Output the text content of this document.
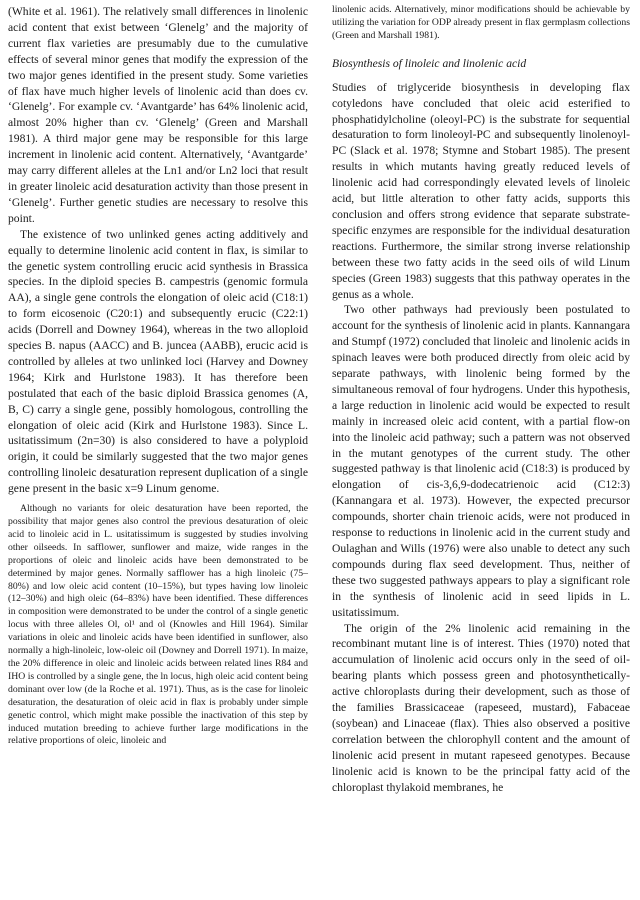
(White et al. 1961). The relatively small differences in linolenic acid content that exist between ‘Glenelg’ and the majority of current flax varieties are presumably due to the cumulative effects of several minor genes that modify the expression of the two major genes identified in the present study. Some varieties of flax have much higher levels of linolenic acid than does cv. ‘Glenelg’. For example cv. ‘Avantgarde’ has 64% linolenic acid, almost 20% higher than cv. ‘Glenelg’ (Green and Marshall 1981). A third major gene may be responsible for this large increment in linolenic acid content. Alternatively, ‘Avantgarde’ may carry different alleles at the Ln1 and/or Ln2 loci that result in greater linoleic acid desaturation activity than those present in ‘Glenelg’. Further genetic studies are necessary to resolve this point.

The existence of two unlinked genes acting additively and equally to determine linolenic acid content in flax, is similar to the genetic system controlling erucic acid synthesis in Brassica species. In the diploid species B. campestris (genomic formula AA), a single gene controls the elongation of oleic acid (C18:1) to form eicosenoic (C20:1) and subsequently erucic (C22:1) acids (Dorrell and Downey 1964), whereas in the two alloploid species B. napus (AACC) and B. juncea (AABB), erucic acid is controlled by alleles at two unlinked loci (Harvey and Downey 1964; Kirk and Hurlstone 1983). It has therefore been postulated that each of the basic diploid Brassica genomes (A, B, C) carry a single gene, possibly homologous, controlling the elongation of oleic acid (Kirk and Hurlstone 1983). Since L. usitatissimum (2n=30) is also considered to have a polyploid origin, it could be similarly suggested that the two major genes controlling linoleic desaturation represent duplication of a single gene present in the basic x=9 Linum genome.

Although no variants for oleic desaturation have been reported, the possibility that major genes also control the previous desaturation of oleic acid to linoleic acid in L. usitatissimum is suggested by studies involving other oilseeds. In safflower, sunflower and maize, wide ranges in the proportions of oleic and linoleic acids have been demonstrated to be determined by major genes. Normally safflower has a high linoleic (75–80%) and low oleic acid content (10–15%), but types having low linoleic (12–30%) and high oleic (64–83%) have been identified. These differences in composition were demonstrated to be under the control of a single genetic locus with three alleles Ol, ol¹ and ol (Knowles and Hill 1964). Similar variations in oleic and linoleic acids have been identified in sunflower, also normally a high-linoleic, low-oleic oil (Downey and Dorrell 1971). In maize, the 20% difference in oleic and linoleic acids between related lines R84 and IHO is controlled by a single gene, the ln locus, high oleic acid content being dominant over low (de la Roche et al. 1971). Thus, as is the case for linoleic desaturation, the desaturation of oleic acid in flax is probably under simple genetic control, which might make possible the inactivation of this step by induced mutation breeding to achieve further large modifications in the relative proportions of oleic, linoleic and

linolenic acids. Alternatively, minor modifications should be achievable by utilizing the variation for ODP already present in flax germplasm collections (Green and Marshall 1981).

Biosynthesis of linoleic and linolenic acid

Studies of triglyceride biosynthesis in developing flax cotyledons have concluded that oleic acid esterified to phosphatidylcholine (oleoyl-PC) is the substrate for sequential desaturation to form linoleoyl-PC and subsequently linolenoyl-PC (Slack et al. 1978; Stymne and Stobart 1985). The present results in which mutants having greatly reduced levels of linolenic acid had correspondingly elevated levels of linoleic acid, but little alteration to other fatty acids, supports this conclusion and offers strong evidence that separate substrate-specific enzymes are responsible for the individual desaturation reactions. Furthermore, the similar strong inverse relationship between these two fatty acids in the seed oils of wild Linum species (Green 1983) suggests that this pathway operates in the genus as a whole.

Two other pathways had previously been postulated to account for the synthesis of linolenic acid in plants. Kannangara and Stumpf (1972) concluded that linoleic and linolenic acids in spinach leaves were both produced directly from oleic acid by separate pathways, with linolenic being formed by the simultaneous removal of four hydrogens. Under this hypothesis, a large reduction in linolenic acid would be expected to result mainly in increased oleic acid content, with a partial flow-on into the linoleic acid pathway; such a pattern was not observed in the mutant genotypes of the current study. The other suggested pathway is that linolenic acid (C18:3) is produced by elongation of cis-3,6,9-dodecatrienoic acid (C12:3) (Kannangara et al. 1973). However, the expected precursor compounds, shorter chain trienoic acids, were not produced in response to reductions in linolenic acid in the current study and Oulaghan and Wills (1976) were also unable to detect any such compounds during flax seed development. Thus, neither of these two suggested pathways appears to play a significant role in the synthesis of linolenic acid in seed lipids in L. usitatissimum.

The origin of the 2% linolenic acid remaining in the recombinant mutant line is of interest. Thies (1970) noted that accumulation of linolenic acid occurs only in the seed of oil-bearing plants which possess green and photosynthetically-active chloroplasts during their development, such as those of the families Brassicaceae (rapeseed, mustard), Fabaceae (soybean) and Linaceae (flax). Thies also observed a positive correlation between the chlorophyll content and the amount of linolenic acid present in mutant rapeseed genotypes. Because linolenic acid is known to be the principal fatty acid of the chloroplast thylakoid membranes, he
